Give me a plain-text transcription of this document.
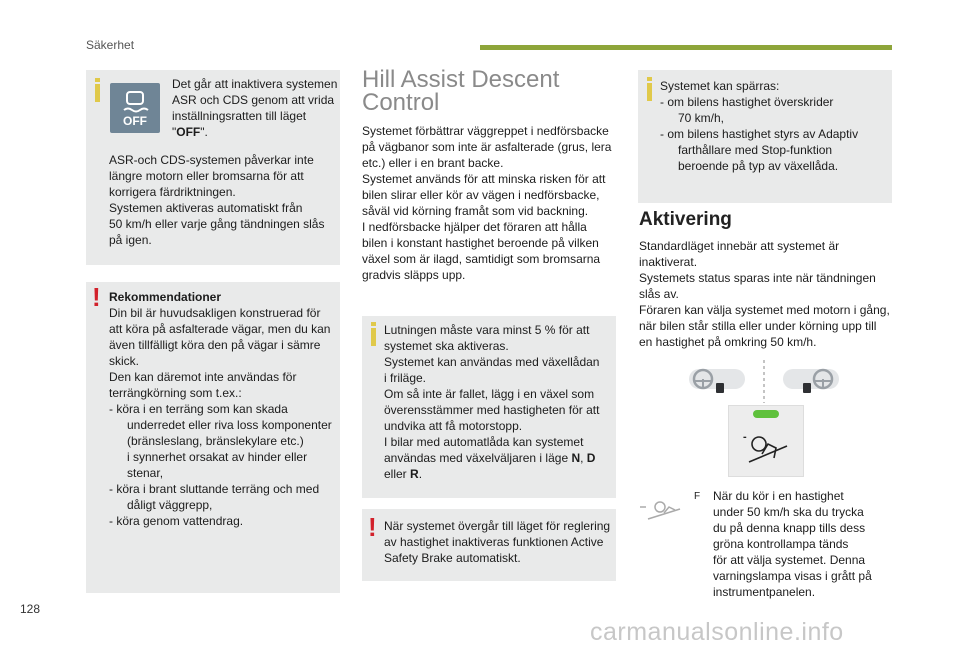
Säkerhet
OFF
Det går att inaktivera systemen
ASR och CDS genom att vrida
inställningsratten till läget
"OFF".
ASR-och CDS-systemen påverkar inte
längre motorn eller bromsarna för att
korrigera färdriktningen.
Systemen aktiveras automatiskt från
50 km/h eller varje gång tändningen slås
på igen.
! Rekommendationer
Din bil är huvudsakligen konstruerad för
att köra på asfalterade vägar, men du kan
även tillfälligt köra den på vägar i sämre
skick.
Den kan däremot inte användas för
terrängkörning som t.ex.:
- köra i en terräng som kan skada
underredet eller riva loss komponenter
(bränsleslang, bränslekylare etc.)
i synnerhet orsakat av hinder eller
stenar,
- köra i brant sluttande terräng och med
dåligt väggrepp,
- köra genom vattendrag.
Hill Assist Descent
Control
Systemet förbättrar väggreppet i nedförsbacke
på vägbanor som inte är asfalterade (grus, lera
etc.) eller i en brant backe.
Systemet används för att minska risken för att
bilen slirar eller kör av vägen i nedförsbacke,
såväl vid körning framåt som vid backning.
I nedförsbacke hjälper det föraren att hålla
bilen i konstant hastighet beroende på vilken
växel som är ilagd, samtidigt som bromsarna
gradvis släpps upp.
Lutningen måste vara minst 5 % för att
systemet ska aktiveras.
Systemet kan användas med växellådan
i friläge.
Om så inte är fallet, lägg i en växel som
överensstämmer med hastigheten för att
undvika att få motorstopp.
I bilar med automatlåda kan systemet
användas med växelväljaren i läge N, D
eller R.
! När systemet övergår till läget för reglering
av hastighet inaktiveras funktionen Active
Safety Brake automatiskt.
Systemet kan spärras:
- om bilens hastighet överskrider
70 km/h,
- om bilens hastighet styrs av Adaptiv
farthållare med Stop-funktion
beroende på typ av växellåda.
Aktivering
Standardläget innebär att systemet är
inaktiverat.
Systemets status sparas inte när tändningen
slås av.
Föraren kan välja systemet med motorn i gång,
när bilen står stilla eller under körning upp till
en hastighet på omkring 50 km/h.
-
F När du kör i en hastighet
under 50 km/h ska du trycka
du på denna knapp tills dess
gröna kontrollampa tänds
för att välja systemet. Denna
varningslampa visas i grått på
instrumentpanelen.
128
carmanualsonline.info
